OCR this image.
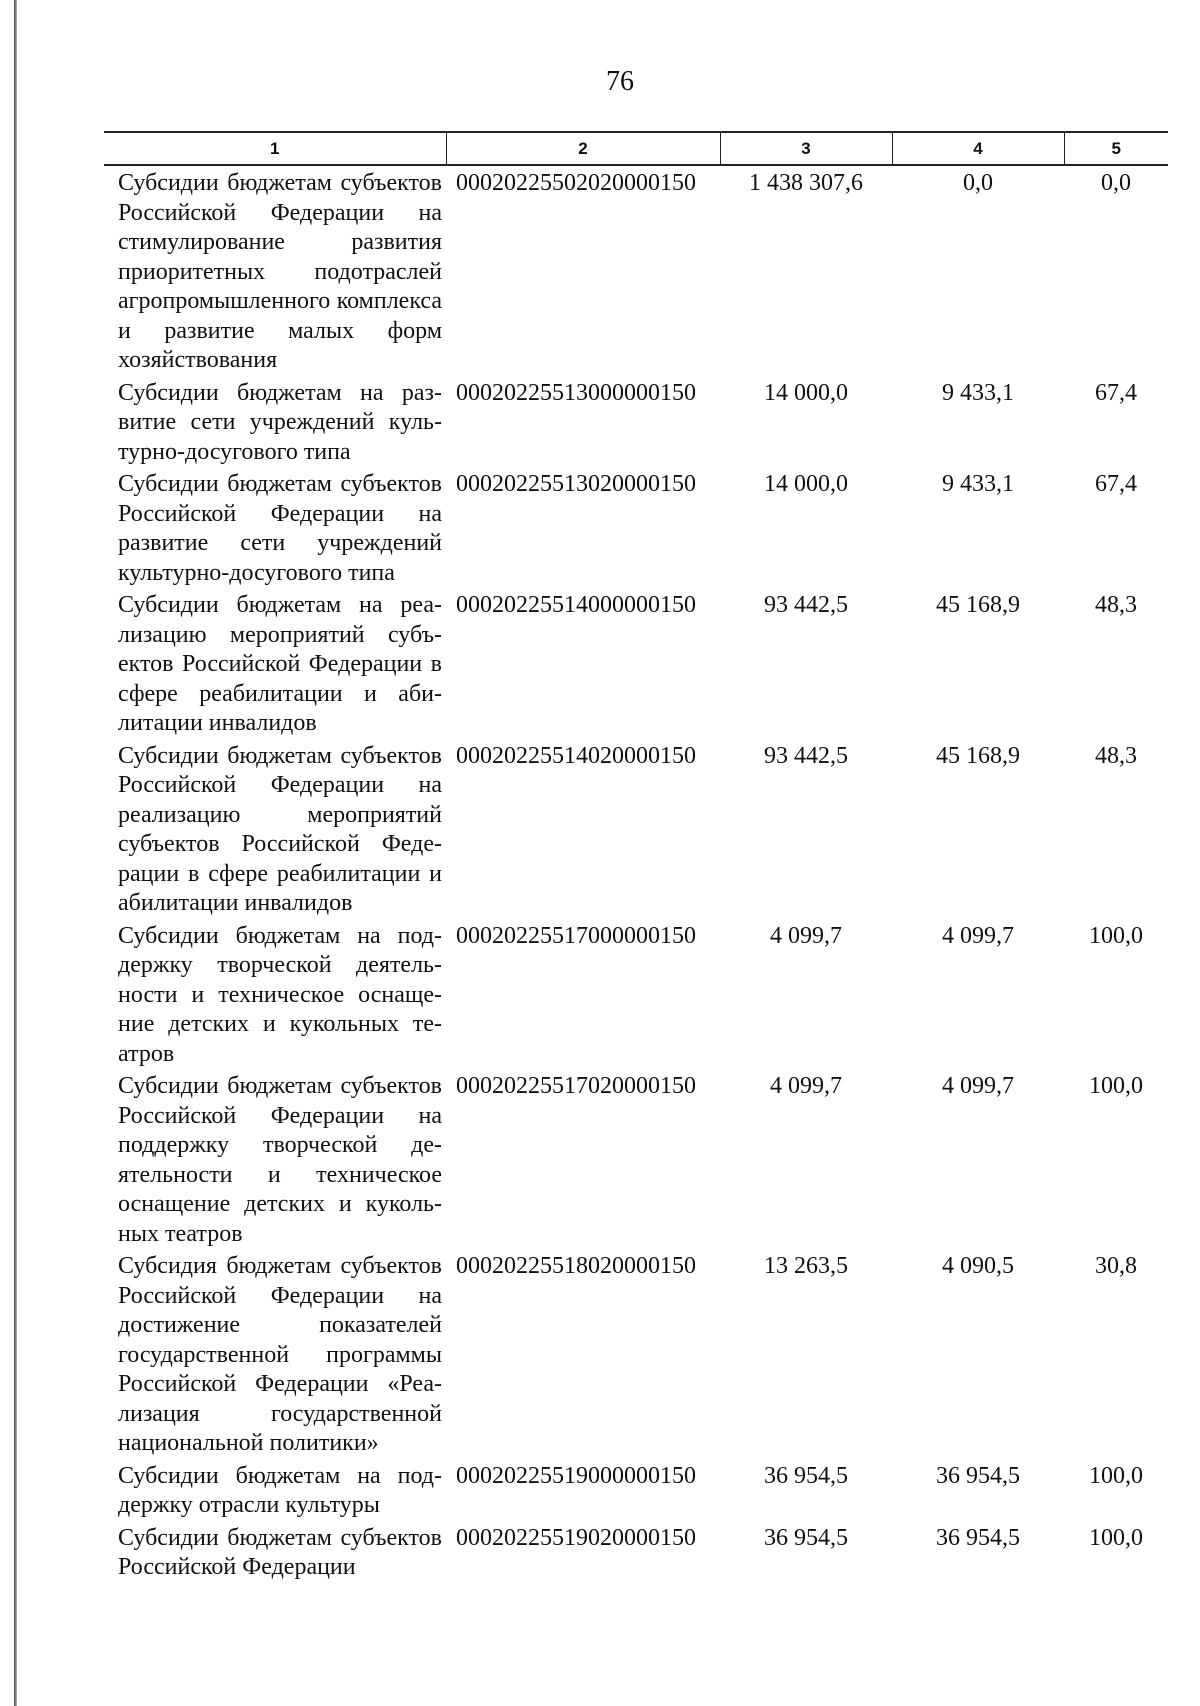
76
1	2	3	4	5
Субсидии бюджетам субъектов Российской Федерации на стимулирование развития приоритетных подотраслей агропромышленного комплекса и развитие малых форм хозяйствования	00020225502020000150	1 438 307,6	0,0	0,0
Субсидии бюджетам на развитие сети учреждений культурно-досугового типа	00020225513000000150	14 000,0	9 433,1	67,4
Субсидии бюджетам субъектов Российской Федерации на развитие сети учреждений культурно-досугового типа	00020225513020000150	14 000,0	9 433,1	67,4
Субсидии бюджетам на реализацию мероприятий субъектов Российской Федерации в сфере реабилитации и абилитации инвалидов	00020225514000000150	93 442,5	45 168,9	48,3
Субсидии бюджетам субъектов Российской Федерации на реализацию мероприятий субъектов Российской Федерации в сфере реабилитации и абилитации инвалидов	00020225514020000150	93 442,5	45 168,9	48,3
Субсидии бюджетам на поддержку творческой деятельности и техническое оснащение детских и кукольных театров	00020225517000000150	4 099,7	4 099,7	100,0
Субсидии бюджетам субъектов Российской Федерации на поддержку творческой деятельности и техническое оснащение детских и кукольных театров	00020225517020000150	4 099,7	4 099,7	100,0
Субсидия бюджетам субъектов Российской Федерации на достижение показателей государственной программы Российской Федерации «Реализация государственной национальной политики»	00020225518020000150	13 263,5	4 090,5	30,8
Субсидии бюджетам на поддержку отрасли культуры	00020225519000000150	36 954,5	36 954,5	100,0
Субсидии бюджетам субъектов Российской Федерации	00020225519020000150	36 954,5	36 954,5	100,0
